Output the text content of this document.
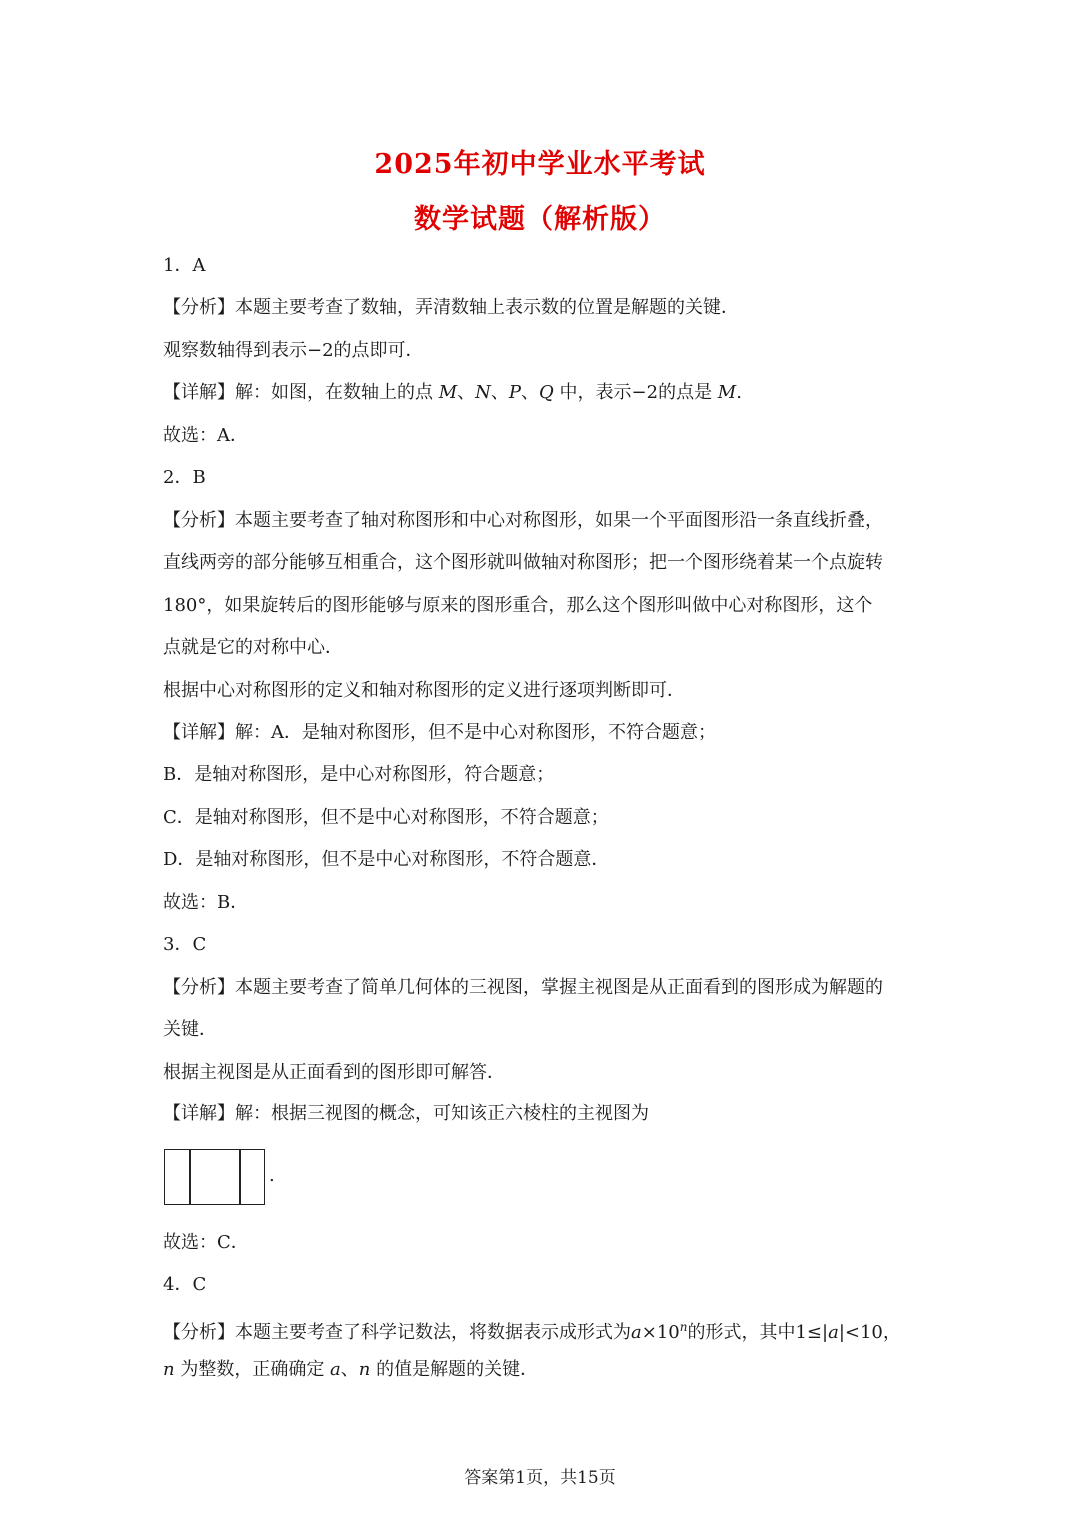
2025年初中学业水平考试
数学试题（解析版）
1．A
【分析】本题主要考查了数轴，弄清数轴上表示数的位置是解题的关键．
观察数轴得到表示−2的点即可．
【详解】解：如图，在数轴上的点 M、N、P、Q 中，表示−2的点是 M.
故选：A．
2．B
【分析】本题主要考查了轴对称图形和中心对称图形，如果一个平面图形沿一条直线折叠，
直线两旁的部分能够互相重合，这个图形就叫做轴对称图形；把一个图形绕着某一个点旋转
180°，如果旋转后的图形能够与原来的图形重合，那么这个图形叫做中心对称图形，这个
点就是它的对称中心．
根据中心对称图形的定义和轴对称图形的定义进行逐项判断即可．
【详解】解：A．是轴对称图形，但不是中心对称图形，不符合题意；
B．是轴对称图形，是中心对称图形，符合题意；
C．是轴对称图形，但不是中心对称图形，不符合题意；
D．是轴对称图形，但不是中心对称图形，不符合题意．
故选：B．
3．C
【分析】本题主要考查了简单几何体的三视图，掌握主视图是从正面看到的图形成为解题的
关键．
根据主视图是从正面看到的图形即可解答．
【详解】解：根据三视图的概念，可知该正六棱柱的主视图为
.
故选：C．
4．C
【分析】本题主要考查了科学记数法，将数据表示成形式为$a\times 10^n$的形式，其中1≤|a|<10，
n 为整数，正确确定 a、n 的值是解题的关键．
答案第1页，共15页
